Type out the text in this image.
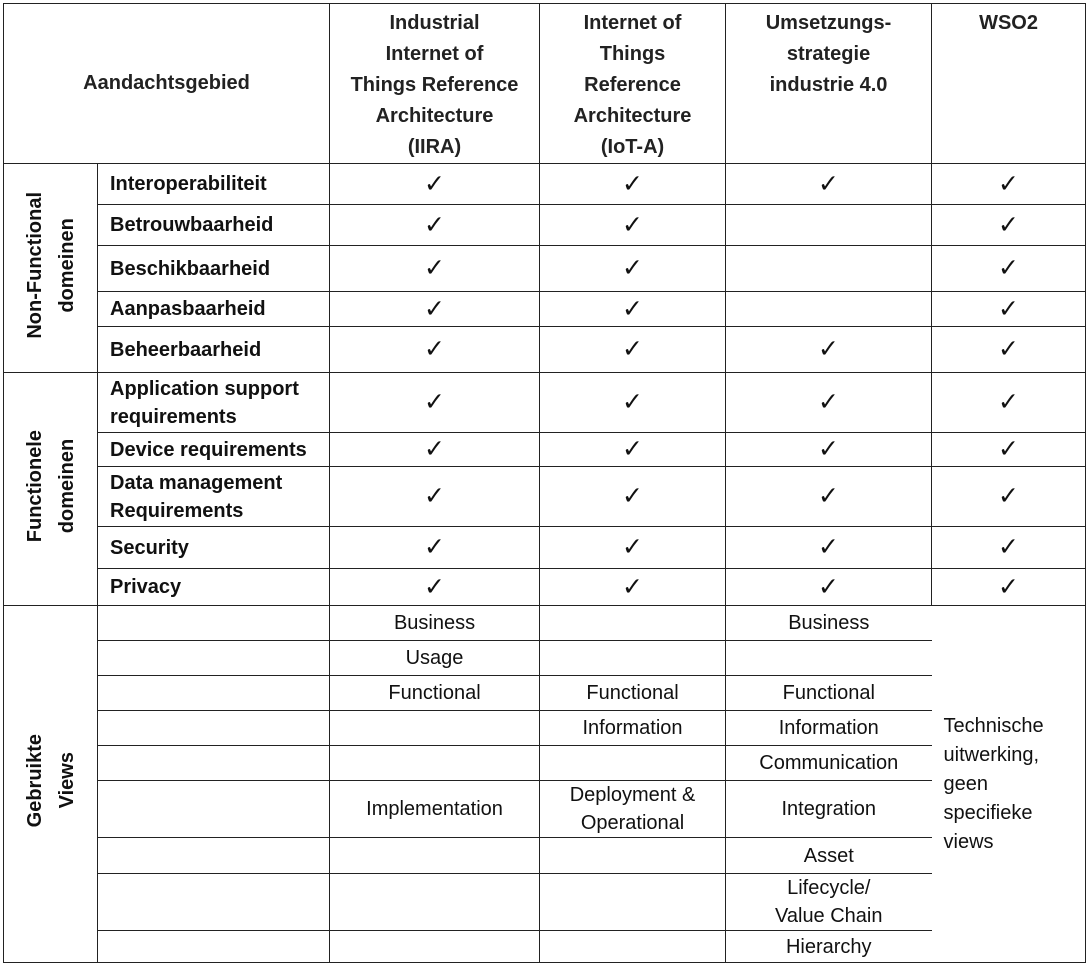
Aandachtsgebied		Industrial
Internet of
Things Reference
Architecture
(IIRA)	Internet of
Things
Reference
Architecture
(IoT-A)	Umsetzungs-
strategie
industrie 4.0	WSO2
Non-Functional domeinen	Interoperabiliteit	✓	✓	✓	✓
	Betrouwbaarheid	✓	✓		✓
	Beschikbaarheid	✓	✓		✓
	Aanpasbaarheid	✓	✓		✓
	Beheerbaarheid	✓	✓	✓	✓
Functionele domeinen	Application support
requirements	✓	✓	✓	✓
	Device requirements	✓	✓	✓	✓
	Data management
Requirements	✓	✓	✓	✓
	Security	✓	✓	✓	✓
	Privacy	✓	✓	✓	✓
Gebruikte Views		Business		Business	Technische
uitwerking,
geen
specifieke
views
		Usage			
		Functional	Functional	Functional	
			Information	Information	
				Communication	
		Implementation	Deployment &
Operational	Integration	
				Asset	
				Lifecycle/
Value Chain	
				Hierarchy	
